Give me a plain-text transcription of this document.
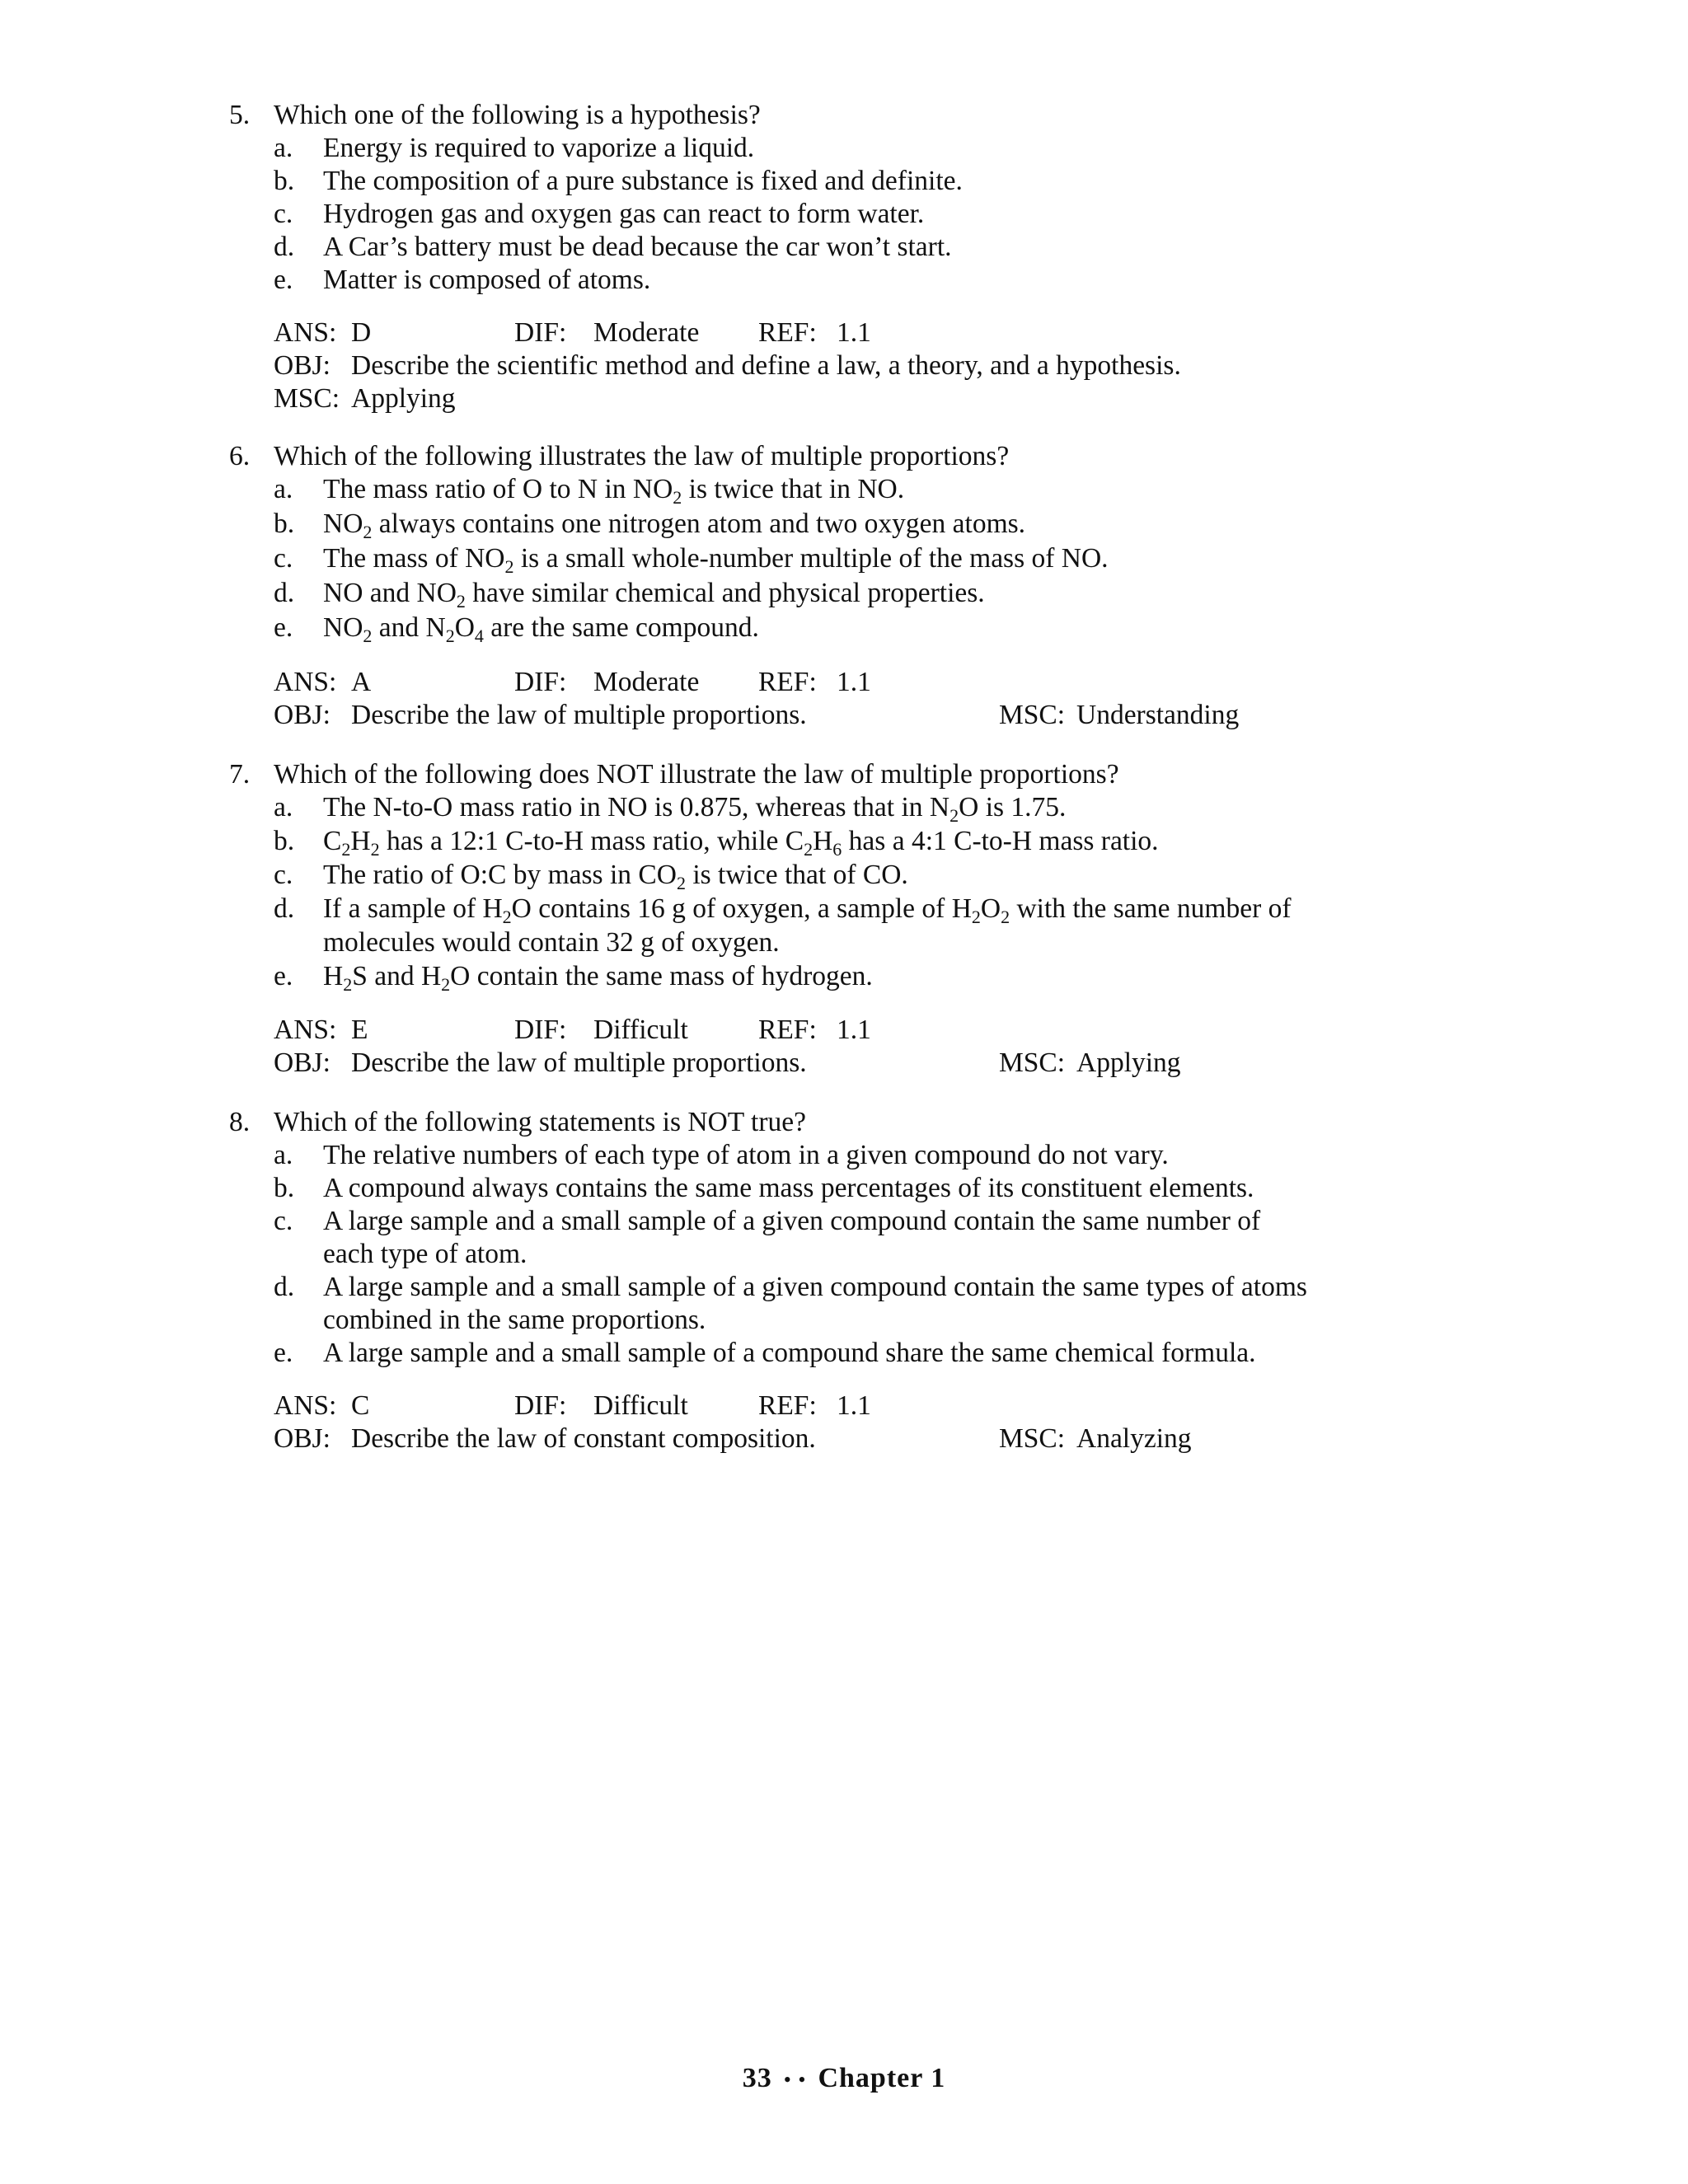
5. Which one of the following is a hypothesis?
a.	Energy is required to vaporize a liquid.
b.	The composition of a pure substance is fixed and definite.
c.	Hydrogen gas and oxygen gas can react to form water.
d.	A Car’s battery must be dead because the car won’t start.
e.	Matter is composed of atoms.
ANS: D	DIF: Moderate	REF: 1.1
OBJ: Describe the scientific method and define a law, a theory, and a hypothesis.
MSC: Applying
6. Which of the following illustrates the law of multiple proportions?
a.	The mass ratio of O to N in $NO_2$ is twice that in NO.
b.	$NO_2$ always contains one nitrogen atom and two oxygen atoms.
c.	The mass of $NO_2$ is a small whole-number multiple of the mass of NO.
d.	NO and $NO_2$ have similar chemical and physical properties.
e.	$NO_2$ and $N_2O_4$ are the same compound.
ANS: A	DIF: Moderate	REF: 1.1
OBJ: Describe the law of multiple proportions.	MSC: Understanding
7. Which of the following does NOT illustrate the law of multiple proportions?
a.	The N-to-O mass ratio in NO is 0.875, whereas that in $N_2O$ is 1.75.
b.	$C_2H_2$ has a 12:1 C-to-H mass ratio, while $C_2H_6$ has a 4:1 C-to-H mass ratio.
c.	The ratio of O:C by mass in $CO_2$ is twice that of CO.
d.	If a sample of $H_2O$ contains 16 g of oxygen, a sample of $H_2O_2$ with the same number of
molecules would contain 32 g of oxygen.
e.	$H_2S$ and $H_2O$ contain the same mass of hydrogen.
ANS: E	DIF: Difficult	REF: 1.1
OBJ: Describe the law of multiple proportions.	MSC: Applying
8. Which of the following statements is NOT true?
a.	The relative numbers of each type of atom in a given compound do not vary.
b.	A compound always contains the same mass percentages of its constituent elements.
c.	A large sample and a small sample of a given compound contain the same number of
each type of atom.
d.	A large sample and a small sample of a given compound contain the same types of atoms
combined in the same proportions.
e.	A large sample and a small sample of a compound share the same chemical formula.
ANS: C	DIF: Difficult	REF: 1.1
OBJ: Describe the law of constant composition.	MSC: Analyzing
33 • • Chapter 1
